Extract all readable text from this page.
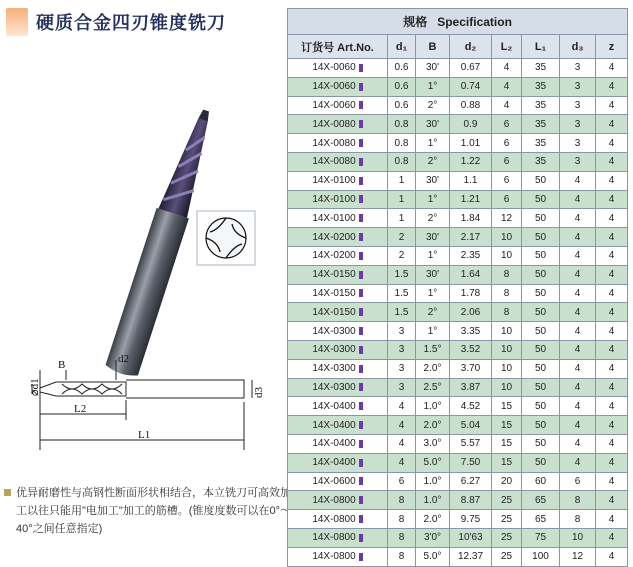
硬质合金四刃锥度铣刀
B	d2
⌀d1	d3
L2
L1
优异耐磨性与高钢性断面形状相结合，本立铣刀可高效加工以往只能用"电加工"加工的筋槽。(锥度度数可以在0°～40°之间任意指定)
规格 Specification							
订货号 Art.No.	d₁	B	d₂	L₂	L₁	d₃	z

14X-0060	0.6	30'	0.67	4	35	3	4

14X-0060	0.6	1°	0.74	4	35	3	4

14X-0060	0.6	2°	0.88	4	35	3	4

14X-0080	0.8	30'	0.9	6	35	3	4

14X-0080	0.8	1°	1.01	6	35	3	4

14X-0080	0.8	2°	1.22	6	35	3	4

14X-0100	1	30'	1.1	6	50	4	4

14X-0100	1	1°	1.21	6	50	4	4

14X-0100	1	2°	1.84	12	50	4	4

14X-0200	2	30'	2.17	10	50	4	4

14X-0200	2	1°	2.35	10	50	4	4

14X-0150	1.5	30'	1.64	8	50	4	4

14X-0150	1.5	1°	1.78	8	50	4	4

14X-0150	1.5	2°	2.06	8	50	4	4

14X-0300	3	1°	3.35	10	50	4	4

14X-0300	3	1.5°	3.52	10	50	4	4

14X-0300	3	2.0°	3.70	10	50	4	4

14X-0300	3	2.5°	3.87	10	50	4	4

14X-0400	4	1.0°	4.52	15	50	4	4

14X-0400	4	2.0°	5.04	15	50	4	4

14X-0400	4	3.0°	5.57	15	50	4	4

14X-0400	4	5.0°	7.50	15	50	4	4

14X-0600	6	1.0°	6.27	20	60	6	4

14X-0800	8	1.0°	8.87	25	65	8	4

14X-0800	8	2.0°	9.75	25	65	8	4

14X-0800	8	3'0°	10'63	25	75	10	4

14X-0800	8	5.0°	12.37	25	100	12	4
